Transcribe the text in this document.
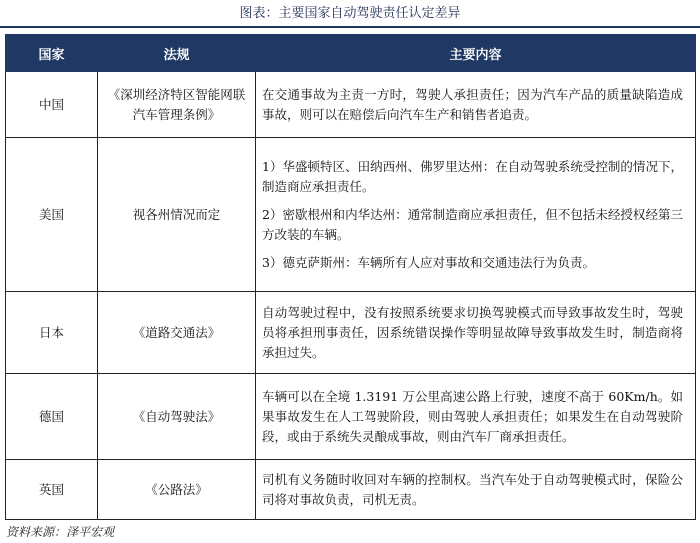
图表：主要国家自动驾驶责任认定差异
国家	法规	主要内容
中国	《深圳经济特区智能网联汽车管理条例》	在交通事故为主责一方时，驾驶人承担责任；因为汽车产品的质量缺陷造成事故，则可以在赔偿后向汽车生产和销售者追责。

美国	视各州情况而定	1）华盛顿特区、田纳西州、佛罗里达州：在自动驾驶系统受控制的情况下，制造商应承担责任。

2）密歇根州和内华达州：通常制造商应承担责任，但不包括未经授权经第三方改装的车辆。

3）德克萨斯州：车辆所有人应对事故和交通违法行为负责。

日本	《道路交通法》	自动驾驶过程中，没有按照系统要求切换驾驶模式而导致事故发生时，驾驶员将承担刑事责任，因系统错误操作等明显故障导致事故发生时，制造商将承担过失。

德国	《自动驾驶法》	车辆可以在全境 1.3191 万公里高速公路上行驶，速度不高于 60Km/h。如果事故发生在人工驾驶阶段，则由驾驶人承担责任；如果发生在自动驾驶阶段，或由于系统失灵酿成事故，则由汽车厂商承担责任。

英国	《公路法》	司机有义务随时收回对车辆的控制权。当汽车处于自动驾驶模式时，保险公司将对事故负责，司机无责。

资料来源：泽平宏观
